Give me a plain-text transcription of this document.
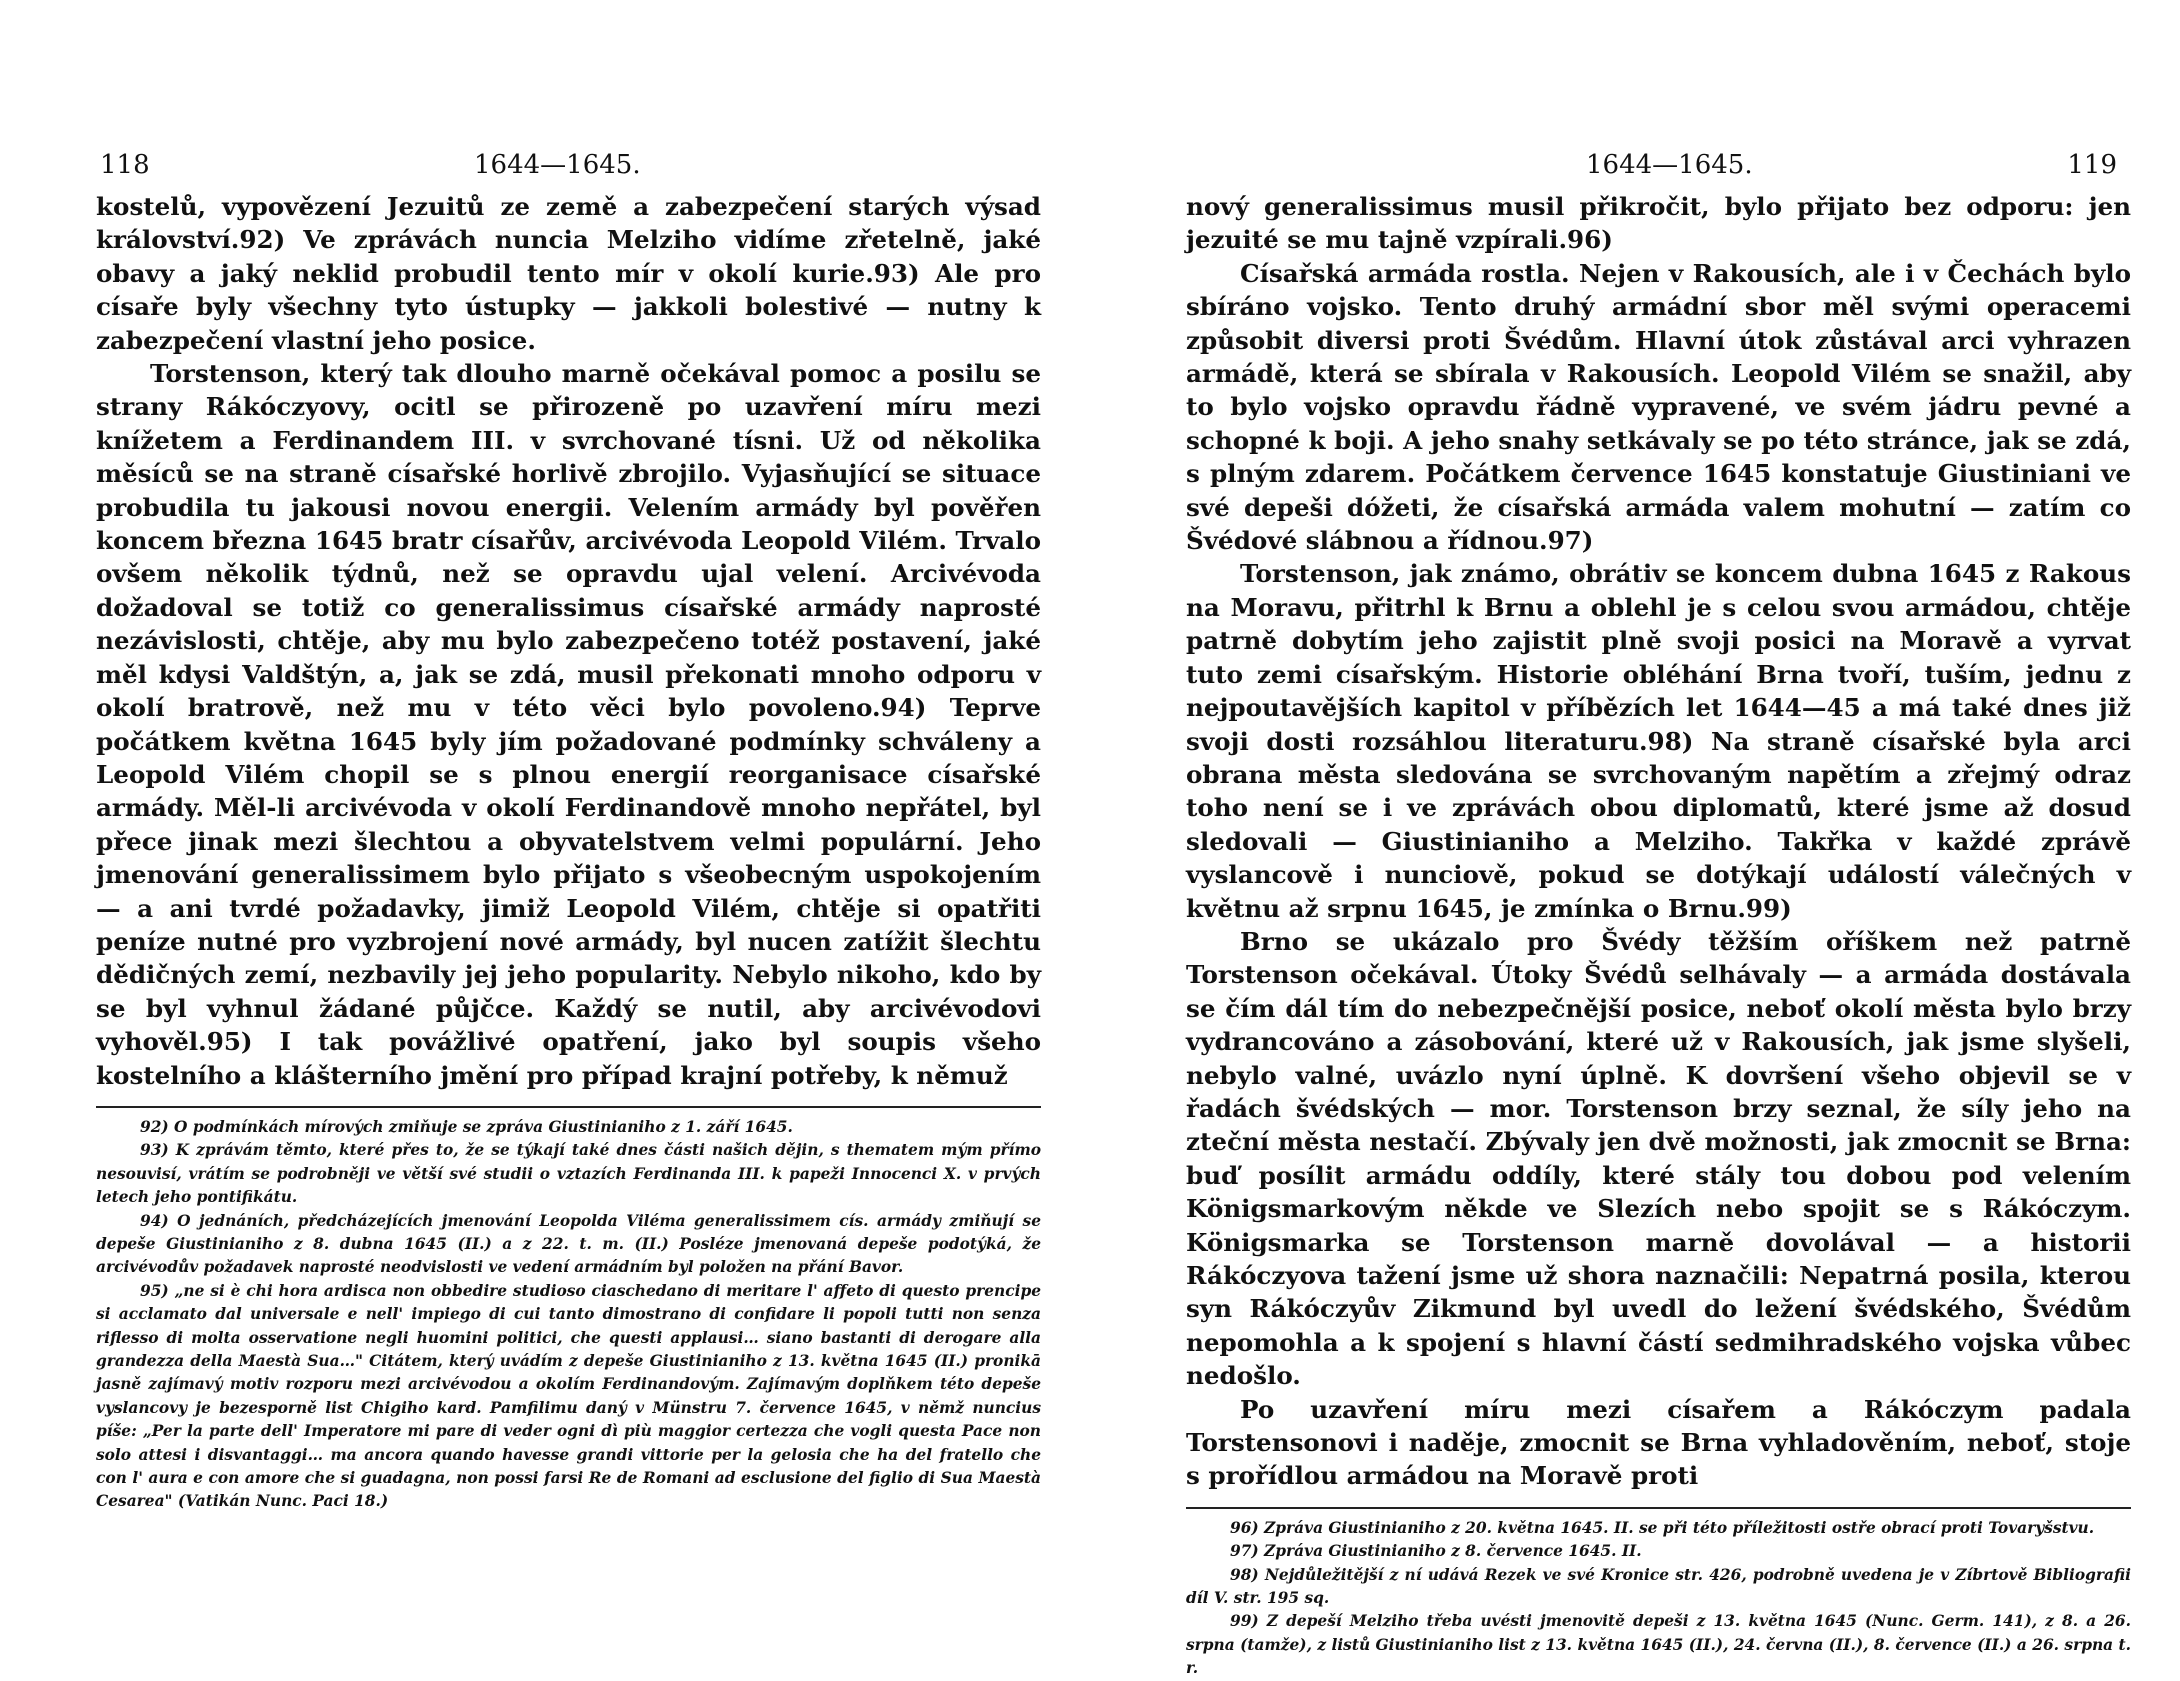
118	1644—1645.

kostelů, vypovězení Jezuitů ze země a zabezpečení starých výsad království.92) Ve zprávách nuncia Melziho vidíme zřetelně, jaké obavy a jaký neklid probudil tento mír v okolí kurie.93) Ale pro císaře byly všechny tyto ústupky — jakkoli bolestivé — nutny k zabezpečení vlastní jeho posice.

Torstenson, který tak dlouho marně očekával pomoc a posilu se strany Rákóczyovy, ocitl se přirozeně po uzavření míru mezi knížetem a Ferdinandem III. v svrchované tísni. Už od několika měsíců se na straně císařské horlivě zbrojilo. Vyjasňující se situace probudila tu jakousi novou energii. Velením armády byl pověřen koncem března 1645 bratr císařův, arcivévoda Leopold Vilém. Trvalo ovšem několik týdnů, než se opravdu ujal velení. Arcivévoda dožadoval se totiž co generalissimus císařské armády naprosté nezávislosti, chtěje, aby mu bylo zabezpečeno totéž postavení, jaké měl kdysi Valdštýn, a, jak se zdá, musil překonati mnoho odporu v okolí bratrově, než mu v této věci bylo povoleno.94) Teprve počátkem května 1645 byly jím požadované podmínky schváleny a Leopold Vilém chopil se s plnou energií reorganisace císařské armády. Měl-li arcivévoda v okolí Ferdinandově mnoho nepřátel, byl přece jinak mezi šlechtou a obyvatelstvem velmi populární. Jeho jmenování generalissimem bylo přijato s všeobecným uspokojením — a ani tvrdé požadavky, jimiž Leopold Vilém, chtěje si opatřiti peníze nutné pro vyzbrojení nové armády, byl nucen zatížit šlechtu dědičných zemí, nezbavily jej jeho popularity. Nebylo nikoho, kdo by se byl vyhnul žádané půjčce. Každý se nutil, aby arcivévodovi vyhověl.95) I tak povážlivé opatření, jako byl soupis všeho kostelního a klášterního jmění pro případ krajní potřeby, k němuž

92) O podmínkách mírových zmiňuje se zpráva Giustinianiho z 1. září 1645.

93) K zprávám těmto, které přes to, že se týkají také dnes části našich dějin, s thematem mým přímo nesouvisí, vrátím se podrobněji ve větší své studii o vztazích Ferdinanda III. k papeži Innocenci X. v prvých letech jeho pontifikátu.

94) O jednáních, předcházejících jmenování Leopolda Viléma generalissimem cís. armády zmiňují se depeše Giustinianiho z 8. dubna 1645 (II.) a z 22. t. m. (II.) Posléze jmenovaná depeše podotýká, že arcivévodův požadavek naprosté neodvislosti ve vedení armádním byl položen na přání Bavor.

95) „ne si è chi hora ardisca non obbedire studioso ciaschedano di meritare l' affeto di questo prencipe si acclamato dal universale e nell' impiego di cui tanto dimostrano di confidare li popoli tutti non senza riflesso di molta osservatione negli huomini politici, che questi applausi… siano bastanti di derogare alla grandezza della Maestà Sua…" Citátem, který uvádím z depeše Giustinianiho z 13. května 1645 (II.) pronikā jasně zajímavý motiv rozporu mezi arcivévodou a okolím Ferdinandovým. Zajímavým doplňkem této depeše vyslancovy je bezesporně list Chigiho kard. Pamfilimu daný v Münstru 7. července 1645, v němž nuncius píše: „Per la parte dell' Imperatore mi pare di veder ogni dì più maggior certezza che vogli questa Pace non solo attesi i disvantaggi… ma ancora quando havesse grandi vittorie per la gelosia che ha del fratello che con l' aura e con amore che si guadagna, non possi farsi Re de Romani ad esclusione del figlio di Sua Maestà Cesarea" (Vatikán Nunc. Paci 18.)

1644—1645.	119

nový generalissimus musil přikročit, bylo přijato bez odporu: jen jezuité se mu tajně vzpírali.96)

Císařská armáda rostla. Nejen v Rakousích, ale i v Čechách bylo sbíráno vojsko. Tento druhý armádní sbor měl svými operacemi způsobit diversi proti Švédům. Hlavní útok zůstával arci vyhrazen armádě, která se sbírala v Rakousích. Leopold Vilém se snažil, aby to bylo vojsko opravdu řádně vypravené, ve svém jádru pevné a schopné k boji. A jeho snahy setkávaly se po této stránce, jak se zdá, s plným zdarem. Počátkem července 1645 konstatuje Giustiniani ve své depeši dóžeti, že císařská armáda valem mohutní — zatím co Švédové slábnou a řídnou.97)

Torstenson, jak známo, obrátiv se koncem dubna 1645 z Rakous na Moravu, přitrhl k Brnu a oblehl je s celou svou armádou, chtěje patrně dobytím jeho zajistit plně svoji posici na Moravě a vyrvat tuto zemi císařským. Historie obléhání Brna tvoří, tuším, jednu z nejpoutavějších kapitol v příbězích let 1644—45 a má také dnes již svoji dosti rozsáhlou literaturu.98) Na straně císařské byla arci obrana města sledována se svrchovaným napětím a zřejmý odraz toho není se i ve zprávách obou diplomatů, které jsme až dosud sledovali — Giustinianiho a Melziho. Takřka v každé zprávě vyslancově i nunciově, pokud se dotýkají událostí válečných v květnu až srpnu 1645, je zmínka o Brnu.99)

Brno se ukázalo pro Švédy těžším oříškem než patrně Torstenson očekával. Útoky Švédů selhávaly — a armáda dostávala se čím dál tím do nebezpečnější posice, neboť okolí města bylo brzy vydrancováno a zásobování, které už v Rakousích, jak jsme slyšeli, nebylo valné, uvázlo nyní úplně. K dovršení všeho objevil se v řadách švédských — mor. Torstenson brzy seznal, že síly jeho na zteční města nestačí. Zbývaly jen dvě možnosti, jak zmocnit se Brna: buď posílit armádu oddíly, které stály tou dobou pod velením Königsmarkovým někde ve Slezích nebo spojit se s Rákóczym. Königsmarka se Torstenson marně dovolával — a historii Rákóczyova tažení jsme už shora naznačili: Nepatrná posila, kterou syn Rákóczyův Zikmund byl uvedl do ležení švédského, Švédům nepomohla a k spojení s hlavní částí sedmihradského vojska vůbec nedošlo.

Po uzavření míru mezi císařem a Rákóczym padala Torstensonovi i naděje, zmocnit se Brna vyhladověním, neboť, stoje s prořídlou armádou na Moravě proti

96) Zpráva Giustinianiho z 20. května 1645. II. se při této příležitosti ostře obrací proti Tovaryšstvu.

97) Zpráva Giustinianiho z 8. července 1645. II.

98) Nejdůležitější z ní udává Rezek ve své Kronice str. 426, podrobně uvedena je v Zíbrtově Bibliografii díl V. str. 195 sq.

99) Z depeší Melziho třeba uvésti jmenovitě depeši z 13. května 1645 (Nunc. Germ. 141), z 8. a 26. srpna (tamže), z listů Giustinianiho list z 13. května 1645 (II.), 24. června (II.), 8. července (II.) a 26. srpna t. r.
